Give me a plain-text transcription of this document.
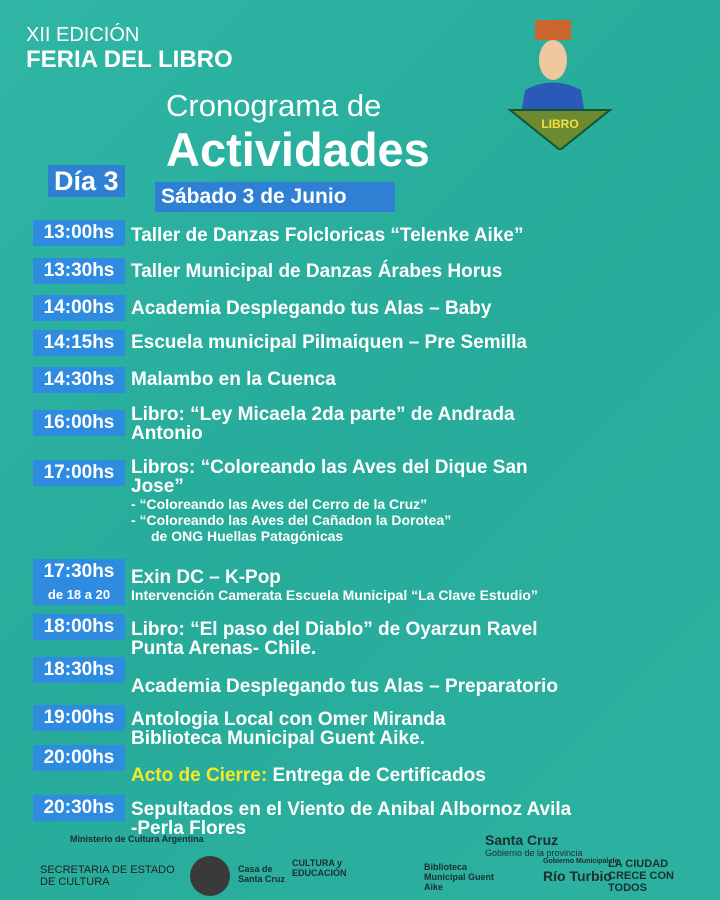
XII EDICIÓN
FERIA DEL LIBRO
Cronograma de
Actividades
Día 3
Sábado 3 de Junio
LIBRO
13:00hs Taller de Danzas Folcloricas “Telenke Aike”
13:30hs Taller Municipal de Danzas Árabes Horus
14:00hs Academia Desplegando tus Alas – Baby
14:15hs Escuela municipal Pilmaiquen – Pre Semilla
14:30hs Malambo en la Cuenca
16:00hs Libro: “Ley Micaela 2da parte” de Andrada
Antonio
17:00hs Libros: “Coloreando las Aves del Dique San
Jose”
- “Coloreando las Aves del Cerro de la Cruz”
- “Coloreando las Aves del Cañadon la Dorotea”
de ONG Huellas Patagónicas
17:30hs
de 18 a 20
Exin DC – K-Pop
Intervención Camerata Escuela Municipal “La Clave Estudio”
18:00hs Libro: “El paso del Diablo” de Oyarzun Ravel
Punta Arenas- Chile.
18:30hs
Academia Desplegando tus Alas – Preparatorio
19:00hs Antologia Local con Omer Miranda
Biblioteca Municipal Guent Aike.
20:00hs
Acto de Cierre: Entrega de Certificados
20:30hs Sepultados en el Viento de Anibal Albornoz Avila
-Perla Flores
Ministerio de Cultura Argentina
SECRETARIA DE ESTADO DE CULTURA
Casa de Santa Cruz
CULTURA y EDUCACIÓN
Biblioteca Municipal Guent Aike
Santa Cruz
Gobierno de la provincia
Gobierno Municipal de
Río Turbio
LA CIUDAD CRECE CON TODOS
